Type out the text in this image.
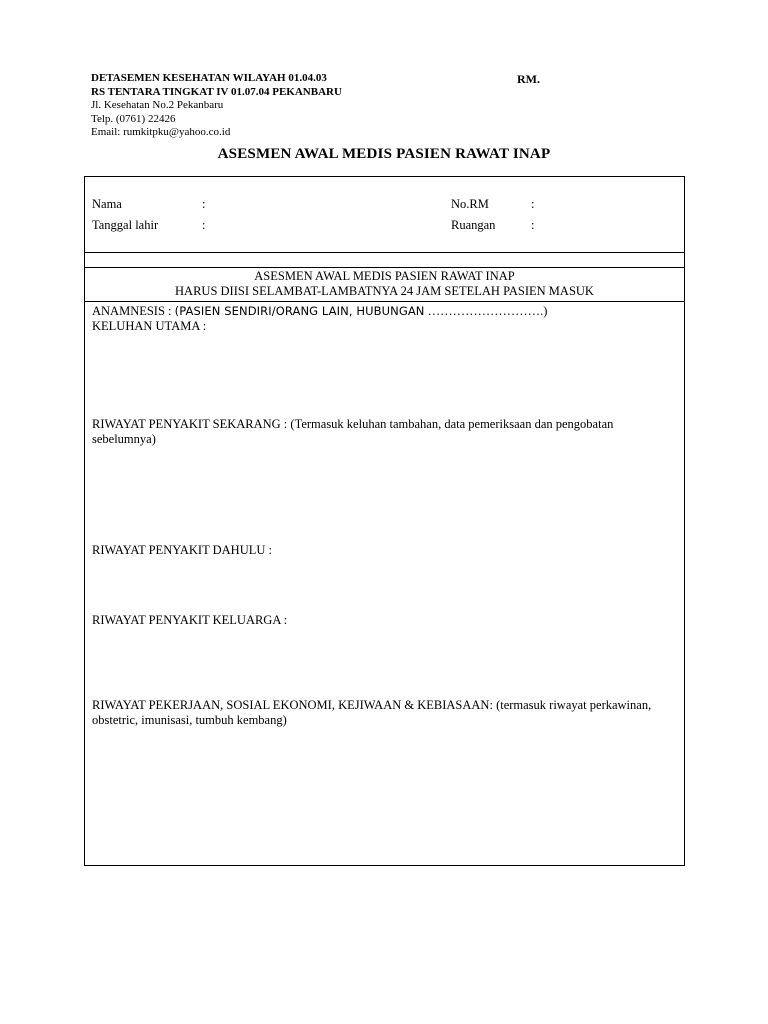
DETASEMEN KESEHATAN WILAYAH 01.04.03
RS TENTARA TINGKAT IV 01.07.04 PEKANBARU
Jl. Kesehatan No.2 Pekanbaru
Telp. (0761) 22426
Email: rumkitpku@yahoo.co.id
RM.
ASESMEN AWAL MEDIS PASIEN RAWAT INAP
Nama	:
Tanggal lahir	:
No.RM	:
Ruangan	:
ASESMEN AWAL MEDIS PASIEN RAWAT INAP
HARUS DIISI SELAMBAT-LAMBATNYA 24 JAM SETELAH PASIEN MASUK
ANAMNESIS : (PASIEN SENDIRI/ORANG LAIN, HUBUNGAN ……………………….)
KELUHAN UTAMA :
RIWAYAT PENYAKIT SEKARANG : (Termasuk keluhan tambahan, data pemeriksaan dan pengobatan sebelumnya)
RIWAYAT PENYAKIT DAHULU :
RIWAYAT PENYAKIT KELUARGA :
RIWAYAT PEKERJAAN, SOSIAL EKONOMI, KEJIWAAN & KEBIASAAN: (termasuk riwayat perkawinan, obstetric, imunisasi, tumbuh kembang)
